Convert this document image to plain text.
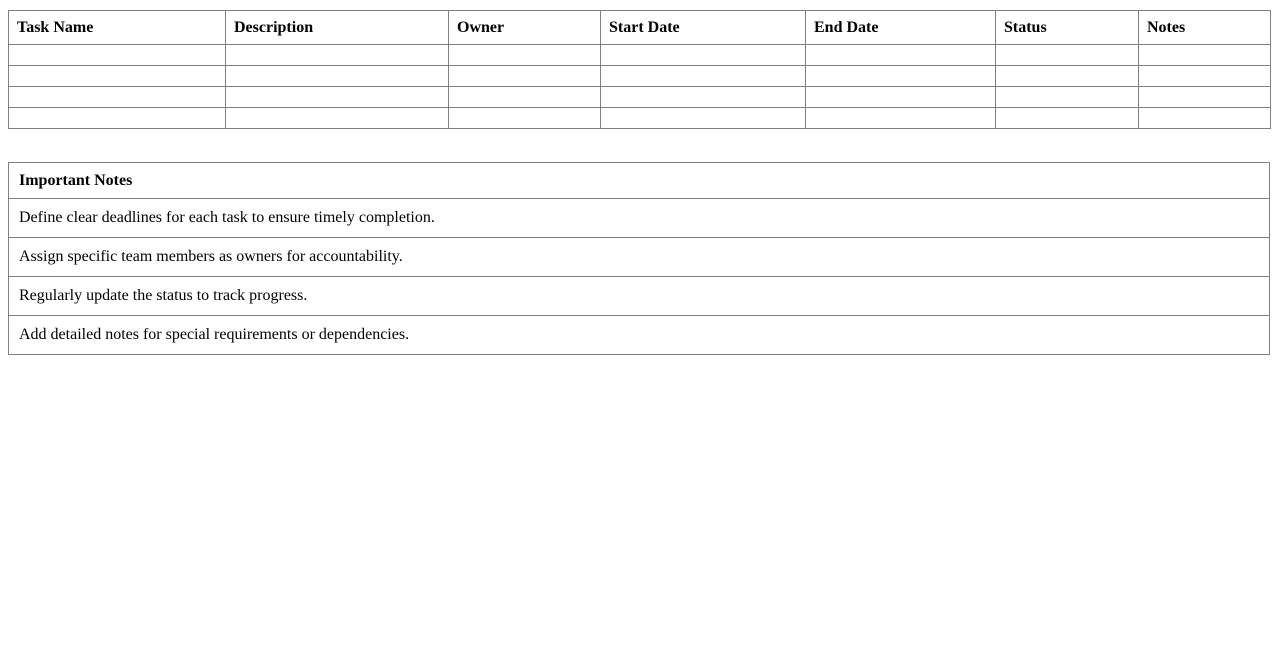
Task Name	Description	Owner	Start Date	End Date	Status	Notes

Important Notes
Define clear deadlines for each task to ensure timely completion.
Assign specific team members as owners for accountability.
Regularly update the status to track progress.
Add detailed notes for special requirements or dependencies.
